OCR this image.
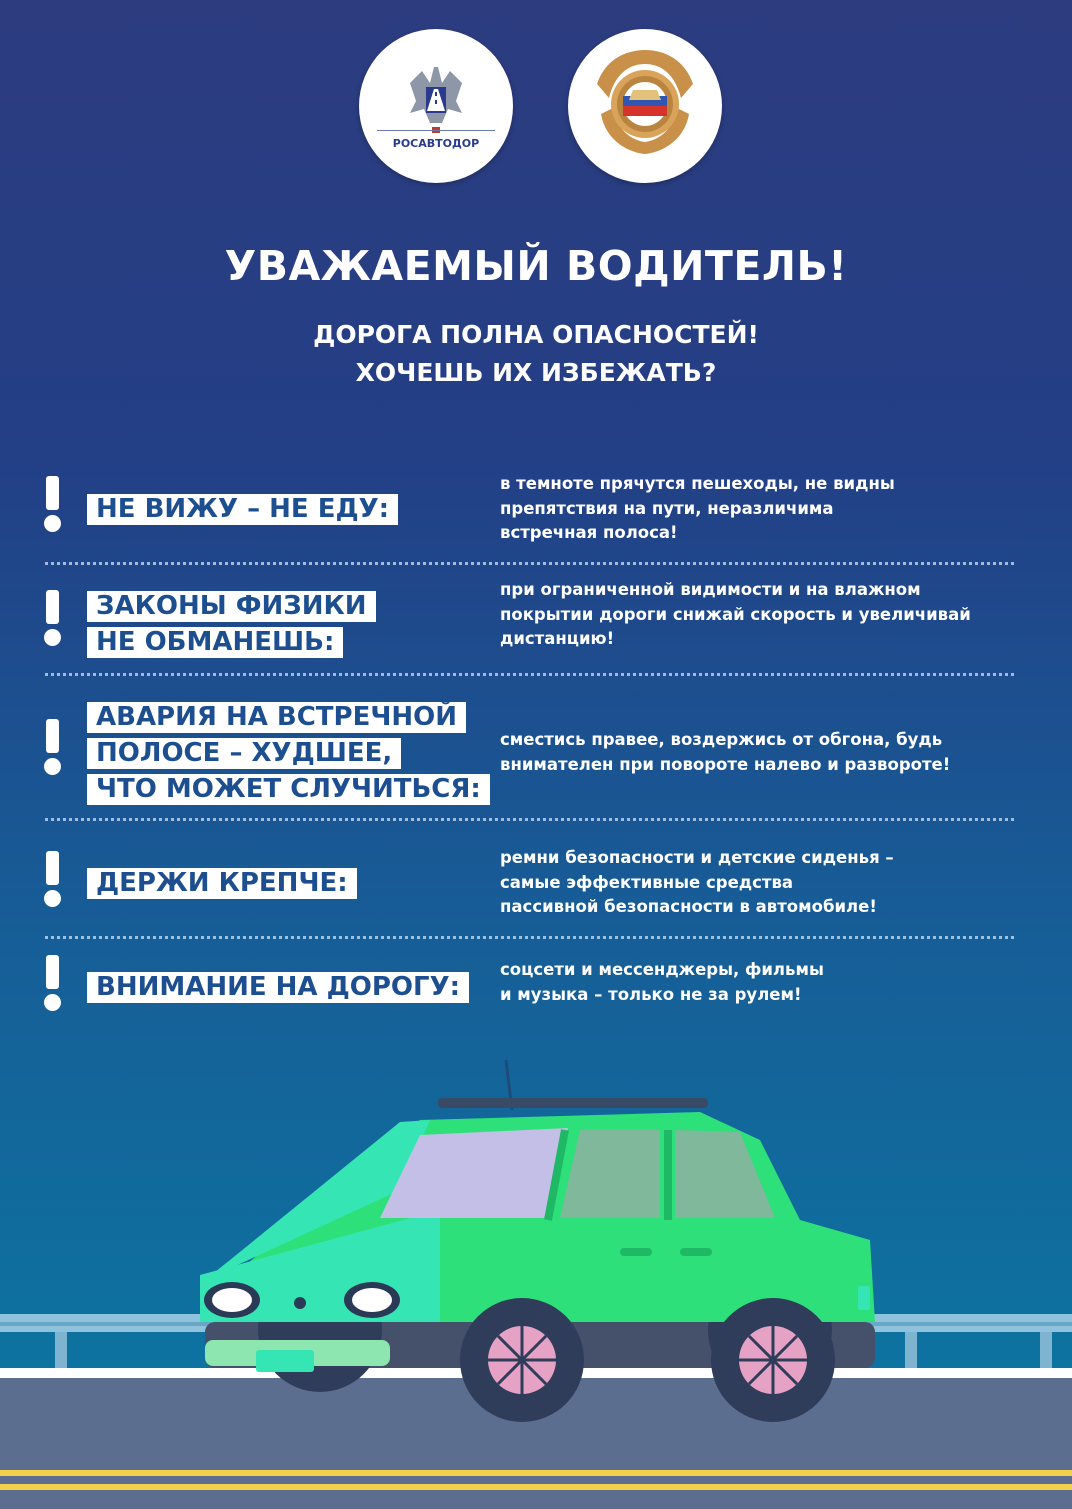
РОСАВТОДОР
УВАЖАЕМЫЙ ВОДИТЕЛЬ!
ДОРОГА ПОЛНА ОПАСНОСТЕЙ!
ХОЧЕШЬ ИХ ИЗБЕЖАТЬ?
НЕ ВИЖУ – НЕ ЕДУ:
в темноте прячутся пешеходы, не видны
препятствия на пути, неразличима
встречная полоса!
ЗАКОНЫ ФИЗИКИ
НЕ ОБМАНЕШЬ:
при ограниченной видимости и на влажном
покрытии дороги снижай скорость и увеличивай
дистанцию!
АВАРИЯ НА ВСТРЕЧНОЙ
ПОЛОСЕ – ХУДШЕЕ,
ЧТО МОЖЕТ СЛУЧИТЬСЯ:
сместись правее, воздержись от обгона, будь
внимателен при повороте налево и развороте!
ДЕРЖИ КРЕПЧЕ:
ремни безопасности и детские сиденья –
самые эффективные средства
пассивной безопасности в автомобиле!
ВНИМАНИЕ НА ДОРОГУ:
соцсети и мессенджеры, фильмы
и музыка – только не за рулем!
